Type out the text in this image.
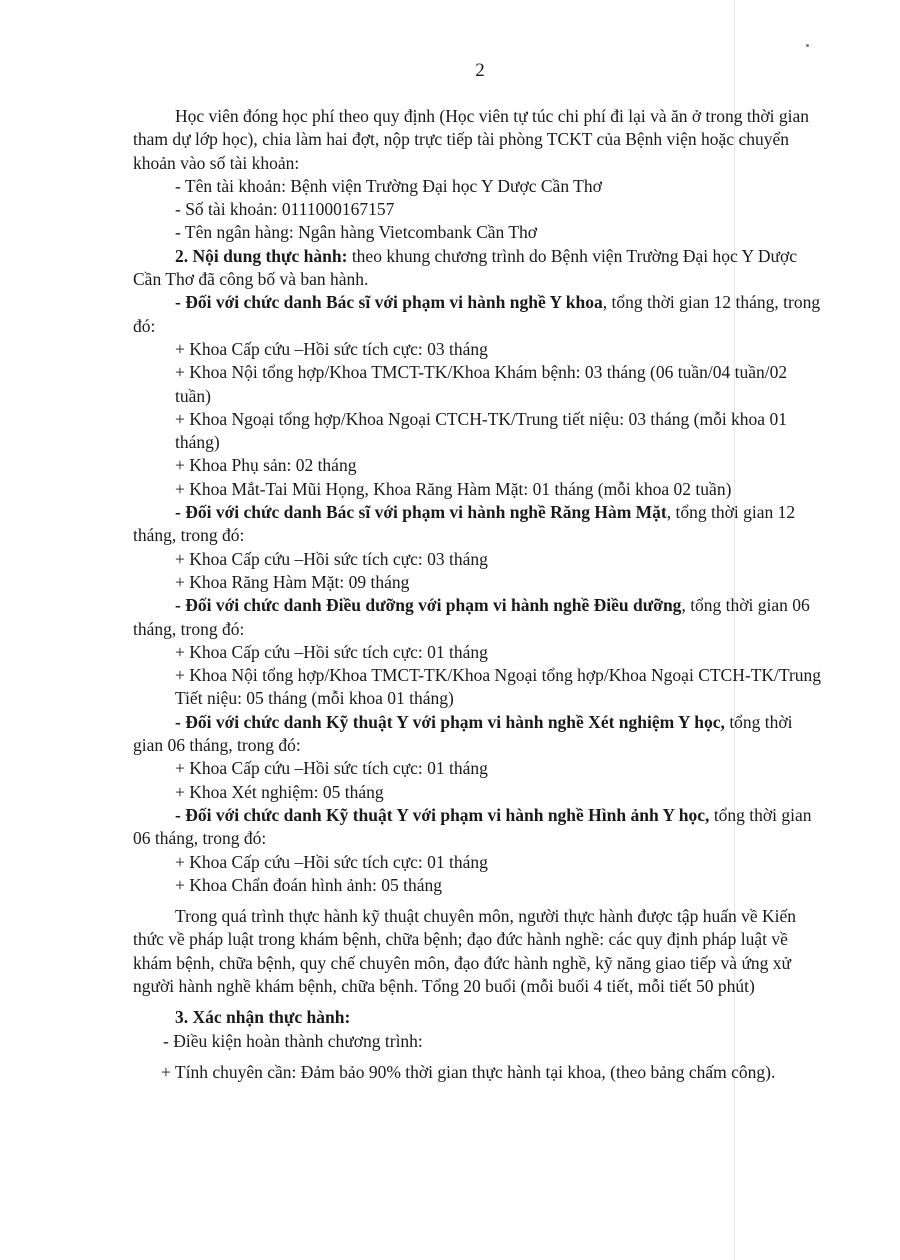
2

Học viên đóng học phí theo quy định (Học viên tự túc chi phí đi lại và ăn ở trong thời gian tham dự lớp học), chia làm hai đợt, nộp trực tiếp tài phòng TCKT của Bệnh viện hoặc chuyển khoản vào số tài khoản:

- Tên tài khoản: Bệnh viện Trường Đại học Y Dược Cần Thơ

- Số tài khoản: 0111000167157

- Tên ngân hàng: Ngân hàng Vietcombank Cần Thơ

2. Nội dung thực hành: theo khung chương trình do Bệnh viện Trường Đại học Y Dược Cần Thơ đã công bố và ban hành.

- Đối với chức danh Bác sĩ với phạm vi hành nghề Y khoa, tổng thời gian 12 tháng, trong đó:

+ Khoa Cấp cứu –Hồi sức tích cực: 03 tháng

+ Khoa Nội tổng hợp/Khoa TMCT-TK/Khoa Khám bệnh: 03 tháng (06 tuần/04 tuần/02 tuần)

+ Khoa Ngoại tổng hợp/Khoa Ngoại CTCH-TK/Trung tiết niệu: 03 tháng (mỗi khoa 01 tháng)

+ Khoa Phụ sản: 02 tháng

+ Khoa Mắt-Tai Mũi Họng, Khoa Răng Hàm Mặt: 01 tháng (mỗi khoa 02 tuần)

- Đối với chức danh Bác sĩ với phạm vi hành nghề Răng Hàm Mặt, tổng thời gian 12 tháng, trong đó:

+ Khoa Cấp cứu –Hồi sức tích cực: 03 tháng

+ Khoa Răng Hàm Mặt: 09 tháng

- Đối với chức danh Điều dưỡng với phạm vi hành nghề Điều dưỡng, tổng thời gian 06 tháng, trong đó:

+ Khoa Cấp cứu –Hồi sức tích cực: 01 tháng

+ Khoa Nội tổng hợp/Khoa TMCT-TK/Khoa Ngoại tổng hợp/Khoa Ngoại CTCH-TK/Trung Tiết niệu: 05 tháng (mỗi khoa 01 tháng)

- Đối với chức danh Kỹ thuật Y với phạm vi hành nghề Xét nghiệm Y học, tổng thời gian 06 tháng, trong đó:

+ Khoa Cấp cứu –Hồi sức tích cực: 01 tháng

+ Khoa Xét nghiệm: 05 tháng

- Đối với chức danh Kỹ thuật Y với phạm vi hành nghề Hình ảnh Y học, tổng thời gian 06 tháng, trong đó:

+ Khoa Cấp cứu –Hồi sức tích cực: 01 tháng

+ Khoa Chẩn đoán hình ảnh: 05 tháng

Trong quá trình thực hành kỹ thuật chuyên môn, người thực hành được tập huấn về Kiến thức về pháp luật trong khám bệnh, chữa bệnh; đạo đức hành nghề: các quy định pháp luật về khám bệnh, chữa bệnh, quy chế chuyên môn, đạo đức hành nghề, kỹ năng giao tiếp và ứng xử người hành nghề khám bệnh, chữa bệnh. Tổng 20 buổi (mỗi buổi 4 tiết, mỗi tiết 50 phút)

3. Xác nhận thực hành:

- Điều kiện hoàn thành chương trình:

+ Tính chuyên cần: Đảm bảo 90% thời gian thực hành tại khoa, (theo bảng chấm công).
